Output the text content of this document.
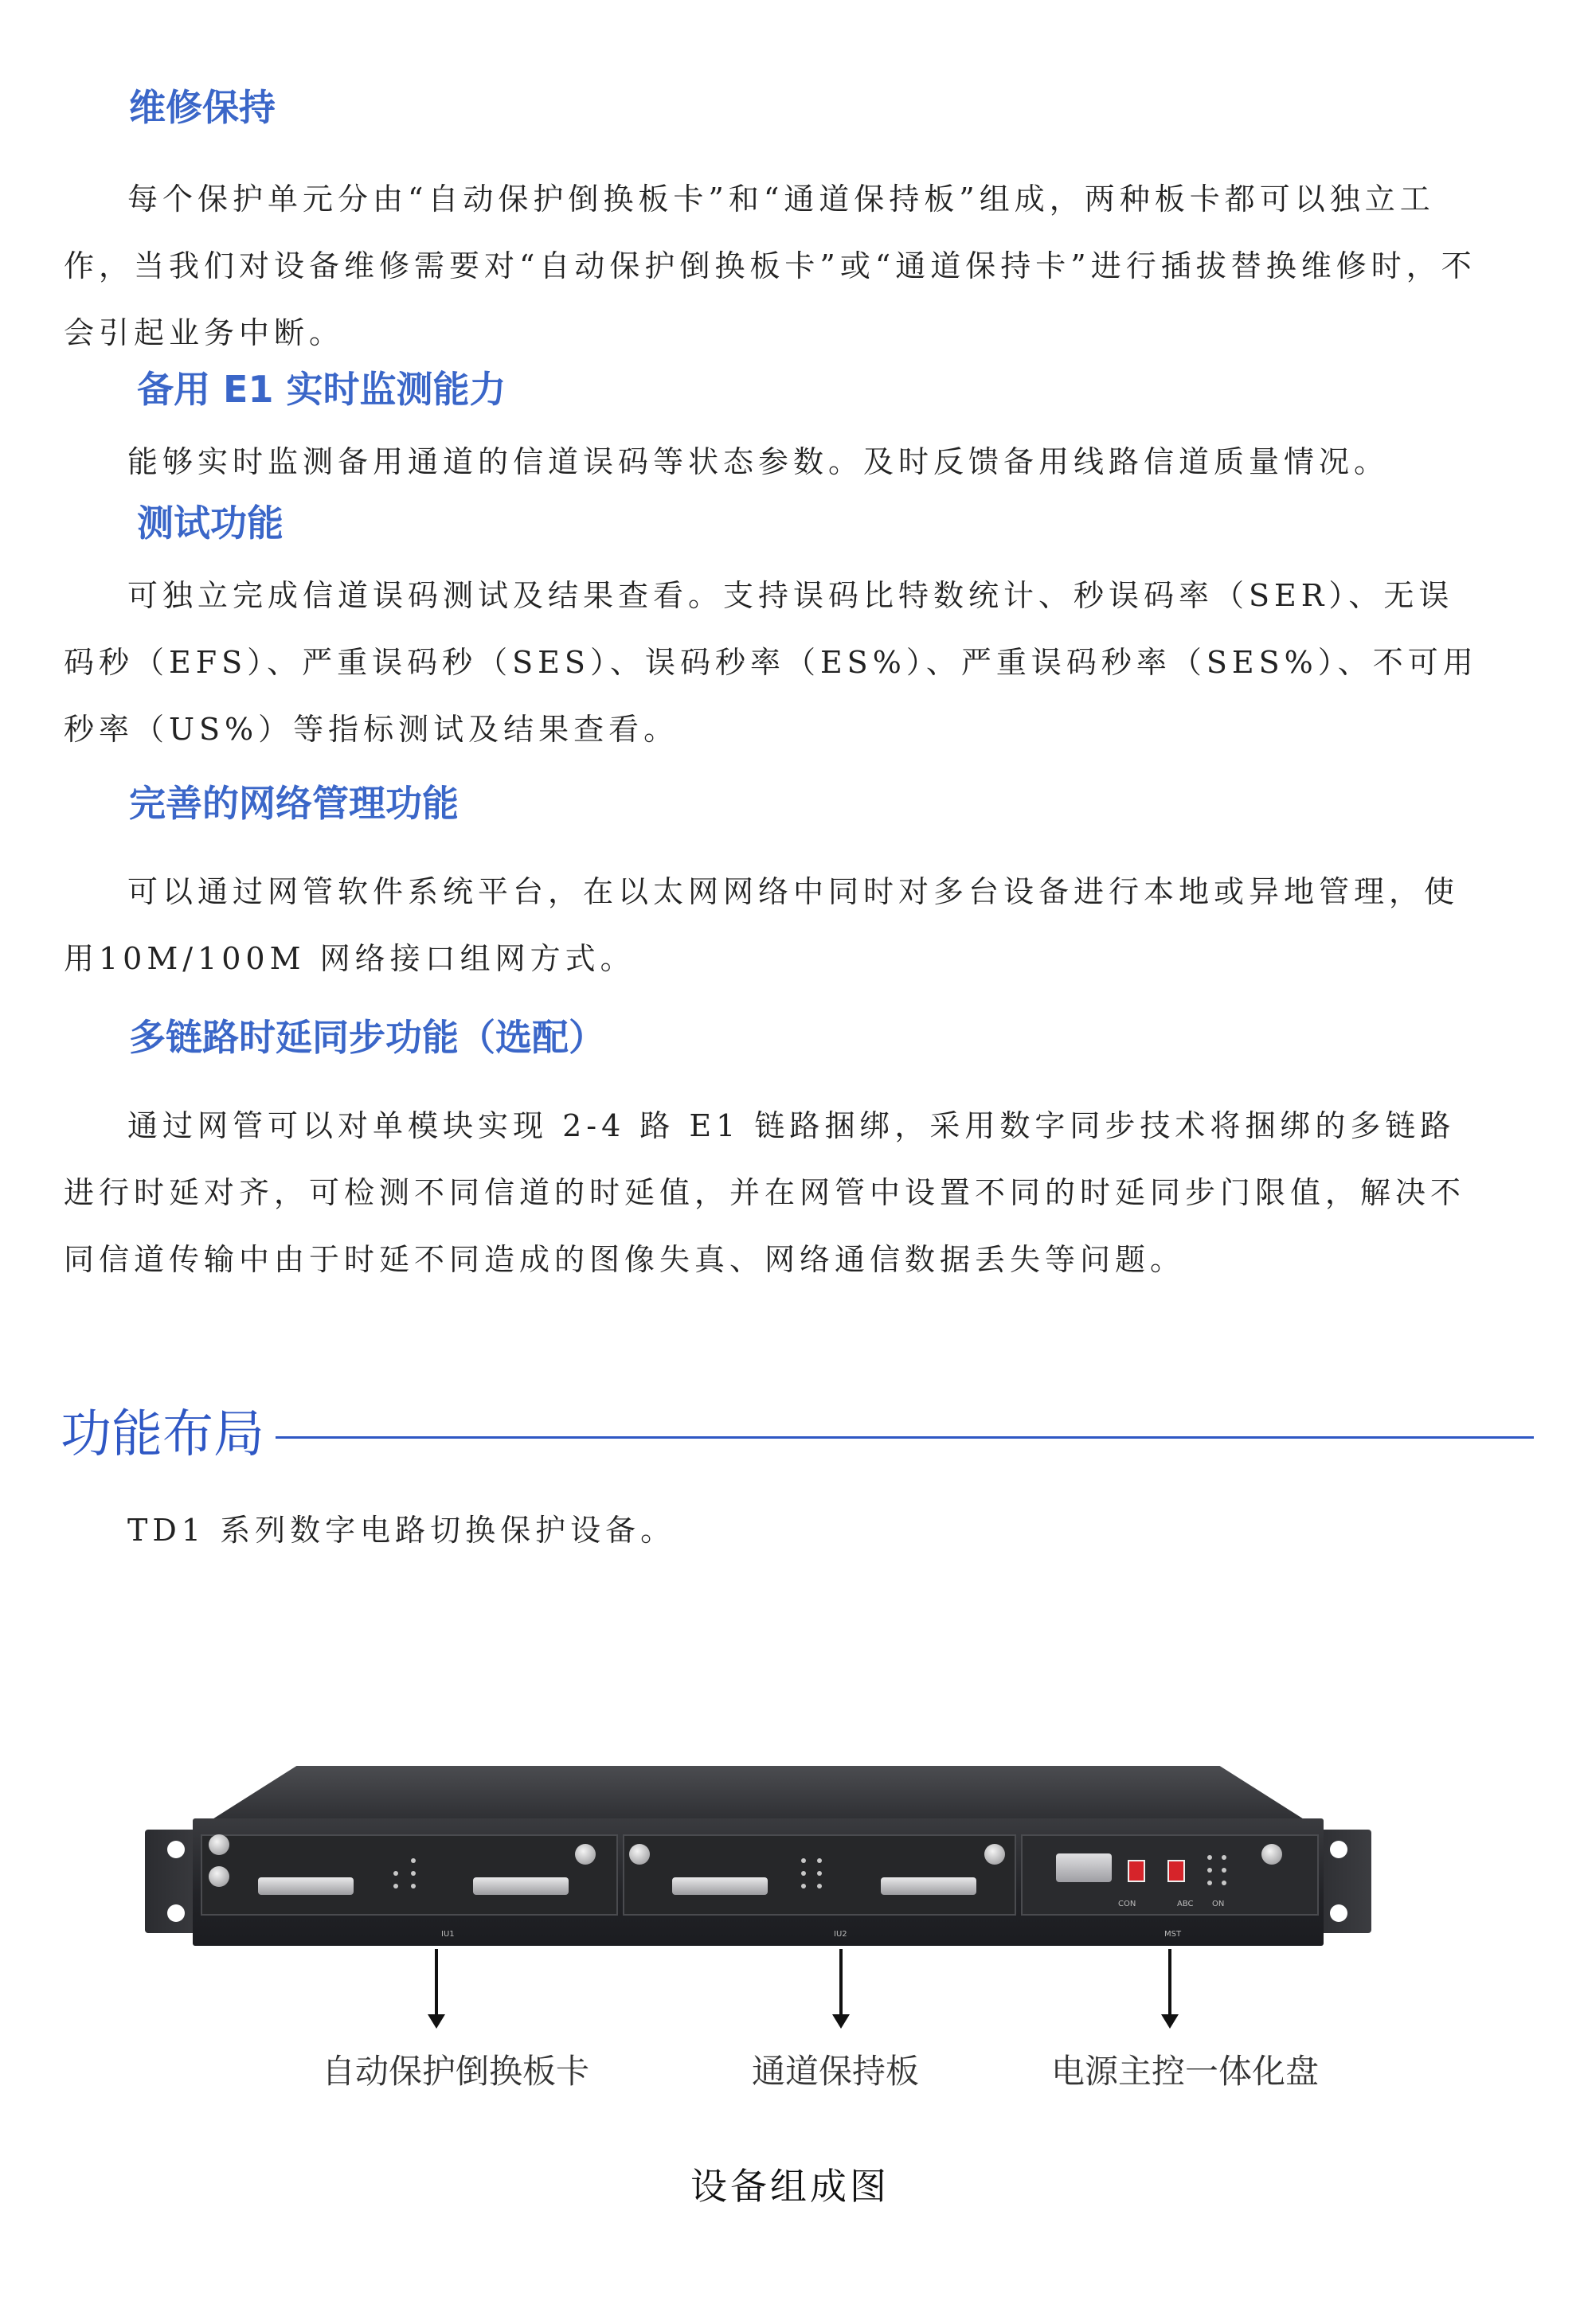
维修保持

每个保护单元分由“自动保护倒换板卡”和“通道保持板”组成，两种板卡都可以独立工作，当我们对设备维修需要对“自动保护倒换板卡”或“通道保持卡”进行插拔替换维修时，不会引起业务中断。

备用 E1 实时监测能力

能够实时监测备用通道的信道误码等状态参数。及时反馈备用线路信道质量情况。

测试功能

可独立完成信道误码测试及结果查看。支持误码比特数统计、秒误码率（SER）、无误码秒（EFS）、严重误码秒（SES）、误码秒率（ES%）、严重误码秒率（SES%）、不可用秒率（US%）等指标测试及结果查看。

完善的网络管理功能

可以通过网管软件系统平台，在以太网网络中同时对多台设备进行本地或异地管理，使用10M/100M 网络接口组网方式。

多链路时延同步功能（选配）

通过网管可以对单模块实现 2-4 路 E1 链路捆绑，采用数字同步技术将捆绑的多链路进行时延对齐，可检测不同信道的时延值，并在网管中设置不同的时延同步门限值，解决不同信道传输中由于时延不同造成的图像失真、网络通信数据丢失等问题。

功能布局

TD1 系列数字电路切换保护设备。

IU1	IU2	MST
CON	ABC ON
自动保护倒换板卡	通道保持板	电源主控一体化盘
设备组成图
